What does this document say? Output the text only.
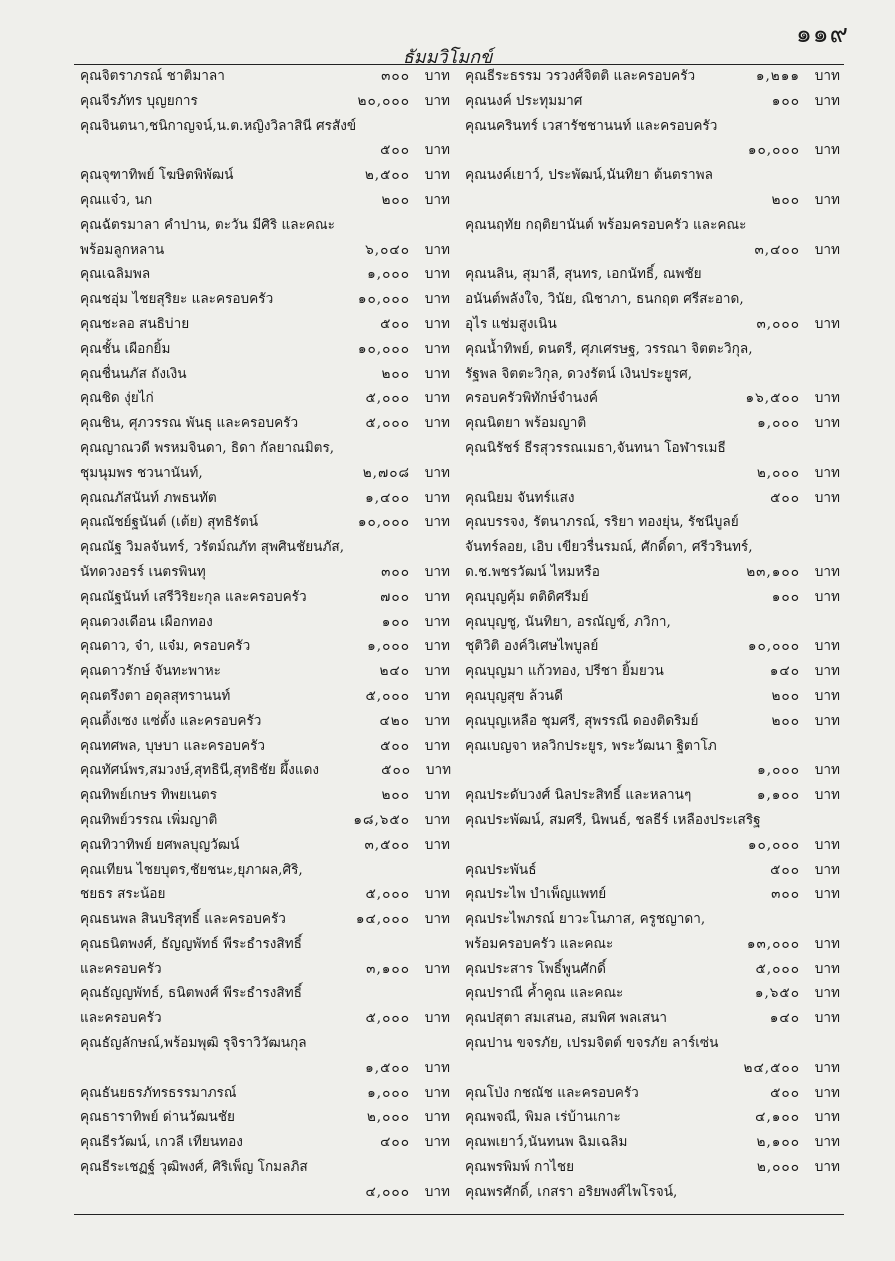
๑๑๙
ธัมมวิโมกข์
คุณจิตราภรณ์ ชาติมาลา	๓๐๐	บาท
คุณจีรภัทร บุญยการ	๒๐,๐๐๐	บาท
คุณจินตนา,ชนิกาญจน์,น.ต.หญิงวิลาสินี ศรสังข์
๕๐๐	บาท
คุณจุฑาทิพย์ โฆษิตพิพัฒน์	๒,๕๐๐	บาท
คุณแจ๋ว, นก	๒๐๐	บาท
คุณฉัตรมาลา คำปาน, ตะวัน มีศิริ และคณะ
พร้อมลูกหลาน	๖,๐๔๐	บาท
คุณเฉลิมพล	๑,๐๐๐	บาท
คุณชอุ่ม ไชยสุริยะ และครอบครัว	๑๐,๐๐๐	บาท
คุณชะลอ สนธิบ่าย	๕๐๐	บาท
คุณชั้น เผือกยิ้ม	๑๐,๐๐๐	บาท
คุณชื่นนภัส ถังเงิน	๒๐๐	บาท
คุณชิด งุ่ยไก่	๕,๐๐๐	บาท
คุณชิน, ศุภวรรณ พันธุ และครอบครัว	๕,๐๐๐	บาท
คุณญาณวดี พรหมจินดา, ธิดา กัลยาณมิตร,
ชุมนุมพร ชวนานันท์,	๒,๗๐๘	บาท
คุณณภัสนันท์ ภพธนทัต	๑,๔๐๐	บาท
คุณณัชย์ฐนันต์ (เต้ย) สุทธิรัตน์	๑๐,๐๐๐	บาท
คุณณัฐ วิมลจันทร์, วรัตม์ณภัท สุพศินชัยนภัส,
นัทดวงอรร์ เนตรพินทุ	๓๐๐	บาท
คุณณัฐนันท์ เสรีวิริยะกุล และครอบครัว	๗๐๐	บาท
คุณดวงเดือน เผือกทอง	๑๐๐	บาท
คุณดาว, จ๋า, แจ๋ม, ครอบครัว	๑,๐๐๐	บาท
คุณดาวรักษ์ จันทะพาหะ	๒๔๐	บาท
คุณตรึงตา อดุลสุทรานนท์	๕,๐๐๐	บาท
คุณติ้งเซง แซ่ตั้ง และครอบครัว	๔๒๐	บาท
คุณทศพล, บุษบา และครอบครัว	๕๐๐	บาท
คุณทัศน์พร,สมวงษ์,สุทธินี,สุทธิชัย ผึ้งแดง	๕๐๐	บาท
คุณทิพย์เกษร ทิพยเนตร	๒๐๐	บาท
คุณทิพย์วรรณ เพิ่มญาติ	๑๘,๖๕๐	บาท
คุณทิวาทิพย์ ยศพลบุญวัฒน์	๓,๕๐๐	บาท
คุณเทียน ไชยบุตร,ชัยชนะ,ยุภาผล,ศิริ,
ชยธร สระน้อย	๕,๐๐๐	บาท
คุณธนพล สินบริสุทธิ์ และครอบครัว	๑๔,๐๐๐	บาท
คุณธนิตพงศ์, ธัญญพัทธ์ พีระธำรงสิทธิ์
และครอบครัว	๓,๑๐๐	บาท
คุณธัญญพัทธ์, ธนิตพงศ์ พีระธำรงสิทธิ์
และครอบครัว	๕,๐๐๐	บาท
คุณธัญลักษณ์,พร้อมพุฒิ รุจิราวิวัฒนกุล
๑,๕๐๐	บาท
คุณธันยธรภัทรธรรมาภรณ์	๑,๐๐๐	บาท
คุณธาราทิพย์ ด่านวัฒนชัย	๒,๐๐๐	บาท
คุณธีรวัฒน์, เกวลี เทียนทอง	๔๐๐	บาท
คุณธีระเชฏฐ์ วุฒิพงศ์, ศิริเพ็ญ โกมลภิส
๔,๐๐๐	บาท
คุณธีระธรรม วรวงศ์จิตติ และครอบครัว	๑,๒๑๑	บาท
คุณนงค์ ประทุมมาศ	๑๐๐	บาท
คุณนครินทร์ เวสารัชชานนท์ และครอบครัว
๑๐,๐๐๐	บาท
คุณนงค์เยาว์, ประพัฒน์,นันทิยา ต้นตราพล
๒๐๐	บาท
คุณนฤทัย กฤติยานันต์ พร้อมครอบครัว และคณะ
๓,๔๐๐	บาท
คุณนลิน, สุมาลี, สุนทร, เอกนัทธิ์, ณพชัย
อนันต์พลังใจ, วินัย, ณิชาภา, ธนกฤต ศรีสะอาด,
อุไร แช่มสูงเนิน	๓,๐๐๐	บาท
คุณน้ำทิพย์, ดนตรี, ศุภเศรษฐ, วรรณา จิตตะวิกุล,
รัฐพล จิตตะวิกุล, ดวงรัตน์ เงินประยูรศ,
ครอบครัวพิทักษ์จำนงค์	๑๖,๕๐๐	บาท
คุณนิตยา พร้อมญาติ	๑,๐๐๐	บาท
คุณนิรัชร์ ธีรสุวรรณเมธา,จันทนา โอฬารเมธี
๒,๐๐๐	บาท
คุณนิยม จันทร์แสง	๕๐๐	บาท
คุณบรรจง, รัตนาภรณ์, รริยา ทองยุ่น, รัชนีบูลย์
จันทร์ลอย, เอิบ เขียวรื่นรมณ์, ศักดิ์ดา, ศรีวรินทร์,
ด.ช.พชรวัฒน์ ไหมหรือ	๒๓,๑๐๐	บาท
คุณบุญคุ้ม ตติดิศรีมย์	๑๐๐	บาท
คุณบุญชู, นันทิยา, อรณัญช์, ภวิกา,
ชุติวิติ องค์วิเศษไพบูลย์	๑๐,๐๐๐	บาท
คุณบุญมา แก้วทอง, ปรีชา ยิ้มยวน	๑๔๐	บาท
คุณบุญสุข ล้วนดี	๒๐๐	บาท
คุณบุญเหลือ ชุมศรี, สุพรรณี ดองติดริมย์	๒๐๐	บาท
คุณเบญจา หลวิกประยูร, พระวัฒนา ฐิตาโภ
๑,๐๐๐	บาท
คุณประดับวงศ์ นิลประสิทธิ์ และหลานๆ	๑,๑๐๐	บาท
คุณประพัฒน์, สมศรี, นิพนธ์, ชลธีร์ เหลืองประเสริฐ
๑๐,๐๐๐	บาท
คุณประพันธ์	๕๐๐	บาท
คุณประไพ บำเพ็ญแพทย์	๓๐๐	บาท
คุณประไพภรณ์ ยาวะโนภาส, ครูชญาดา,
พร้อมครอบครัว และคณะ	๑๓,๐๐๐	บาท
คุณประสาร โพธิ์พูนศักดิ์	๕,๐๐๐	บาท
คุณปราณี ค้ำคูณ และคณะ	๑,๖๕๐	บาท
คุณปสุตา สมเสนอ, สมพิศ พลเสนา	๑๔๐	บาท
คุณปาน ขจรภัย, เปรมจิตต์ ขจรภัย ลาร์เซ่น
๒๔,๕๐๐	บาท
คุณโป่ง กชณัช และครอบครัว	๕๐๐	บาท
คุณพจณี, พิมล เร่บ้านเกาะ	๔,๑๐๐	บาท
คุณพเยาว์,นันทนพ ฉิมเฉลิม	๒,๑๐๐	บาท
คุณพรพิมพ์ กาไชย	๒,๐๐๐	บาท
คุณพรศักดิ์, เกสรา อริยพงศ์ไพโรจน์,
